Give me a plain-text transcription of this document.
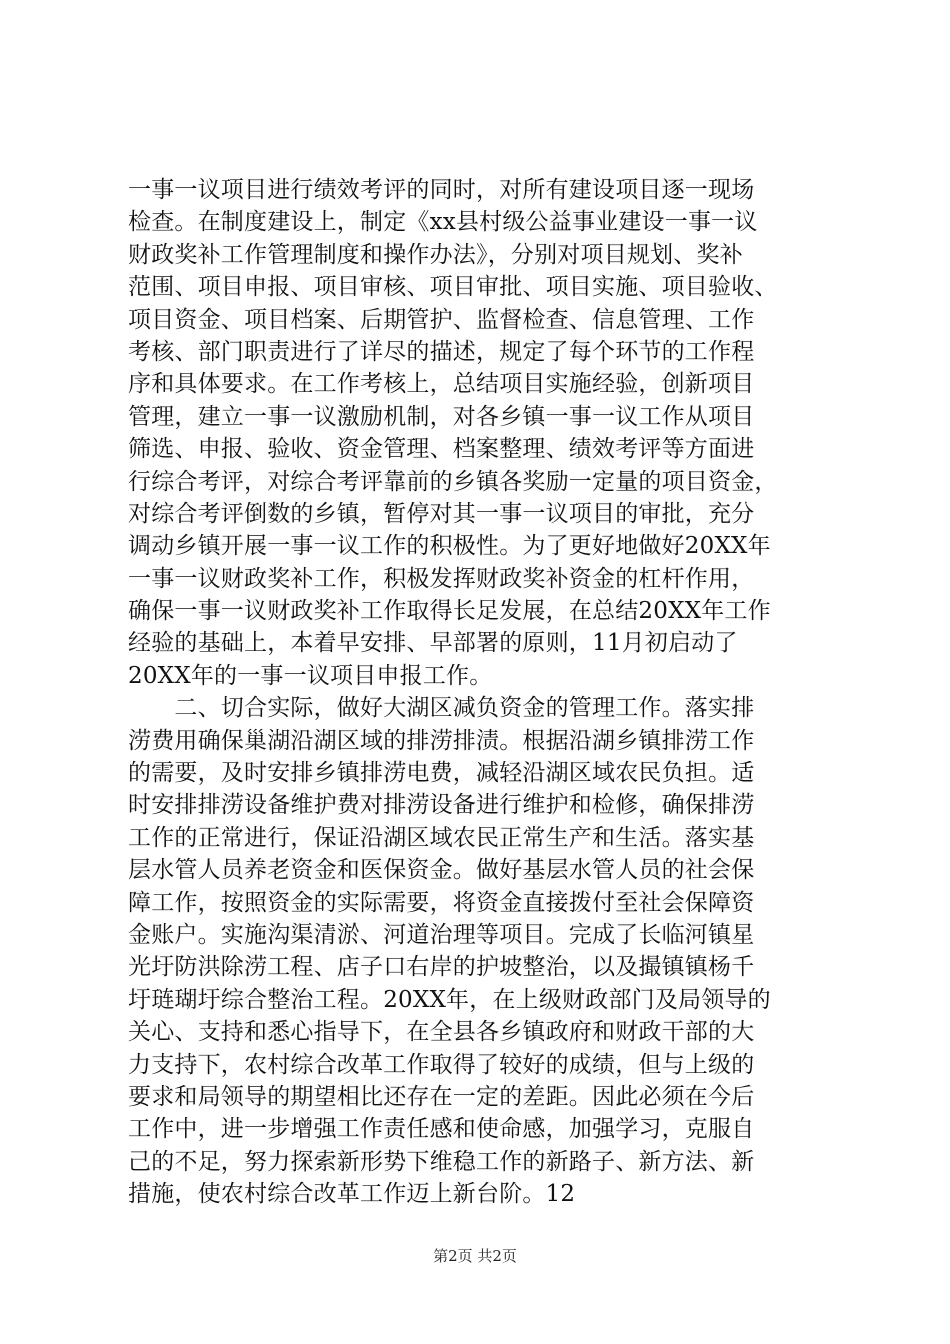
一事一议项目进行绩效考评的同时，对所有建设项目逐一现场
检查。在制度建设上，制定《xx县村级公益事业建设一事一议
财政奖补工作管理制度和操作办法》，分别对项目规划、奖补
范围、项目申报、项目审核、项目审批、项目实施、项目验收、
项目资金、项目档案、后期管护、监督检查、信息管理、工作
考核、部门职责进行了详尽的描述，规定了每个环节的工作程
序和具体要求。在工作考核上，总结项目实施经验，创新项目
管理，建立一事一议激励机制，对各乡镇一事一议工作从项目
筛选、申报、验收、资金管理、档案整理、绩效考评等方面进
行综合考评，对综合考评靠前的乡镇各奖励一定量的项目资金，
对综合考评倒数的乡镇，暂停对其一事一议项目的审批，充分
调动乡镇开展一事一议工作的积极性。为了更好地做好20XX年
一事一议财政奖补工作，积极发挥财政奖补资金的杠杆作用，
确保一事一议财政奖补工作取得长足发展，在总结20XX年工作
经验的基础上，本着早安排、早部署的原则，11月初启动了
20XX年的一事一议项目申报工作。
　　二、切合实际，做好大湖区减负资金的管理工作。落实排
涝费用确保巢湖沿湖区域的排涝排渍。根据沿湖乡镇排涝工作
的需要，及时安排乡镇排涝电费，减轻沿湖区域农民负担。适
时安排排涝设备维护费对排涝设备进行维护和检修，确保排涝
工作的正常进行，保证沿湖区域农民正常生产和生活。落实基
层水管人员养老资金和医保资金。做好基层水管人员的社会保
障工作，按照资金的实际需要，将资金直接拨付至社会保障资
金账户。实施沟渠清淤、河道治理等项目。完成了长临河镇星
光圩防洪除涝工程、店子口右岸的护坡整治，以及撮镇镇杨千
圩琏瑚圩综合整治工程。20XX年，在上级财政部门及局领导的
关心、支持和悉心指导下，在全县各乡镇政府和财政干部的大
力支持下，农村综合改革工作取得了较好的成绩，但与上级的
要求和局领导的期望相比还存在一定的差距。因此必须在今后
工作中，进一步增强工作责任感和使命感，加强学习，克服自
己的不足，努力探索新形势下维稳工作的新路子、新方法、新
措施，使农村综合改革工作迈上新台阶。12
第2页 共2页
